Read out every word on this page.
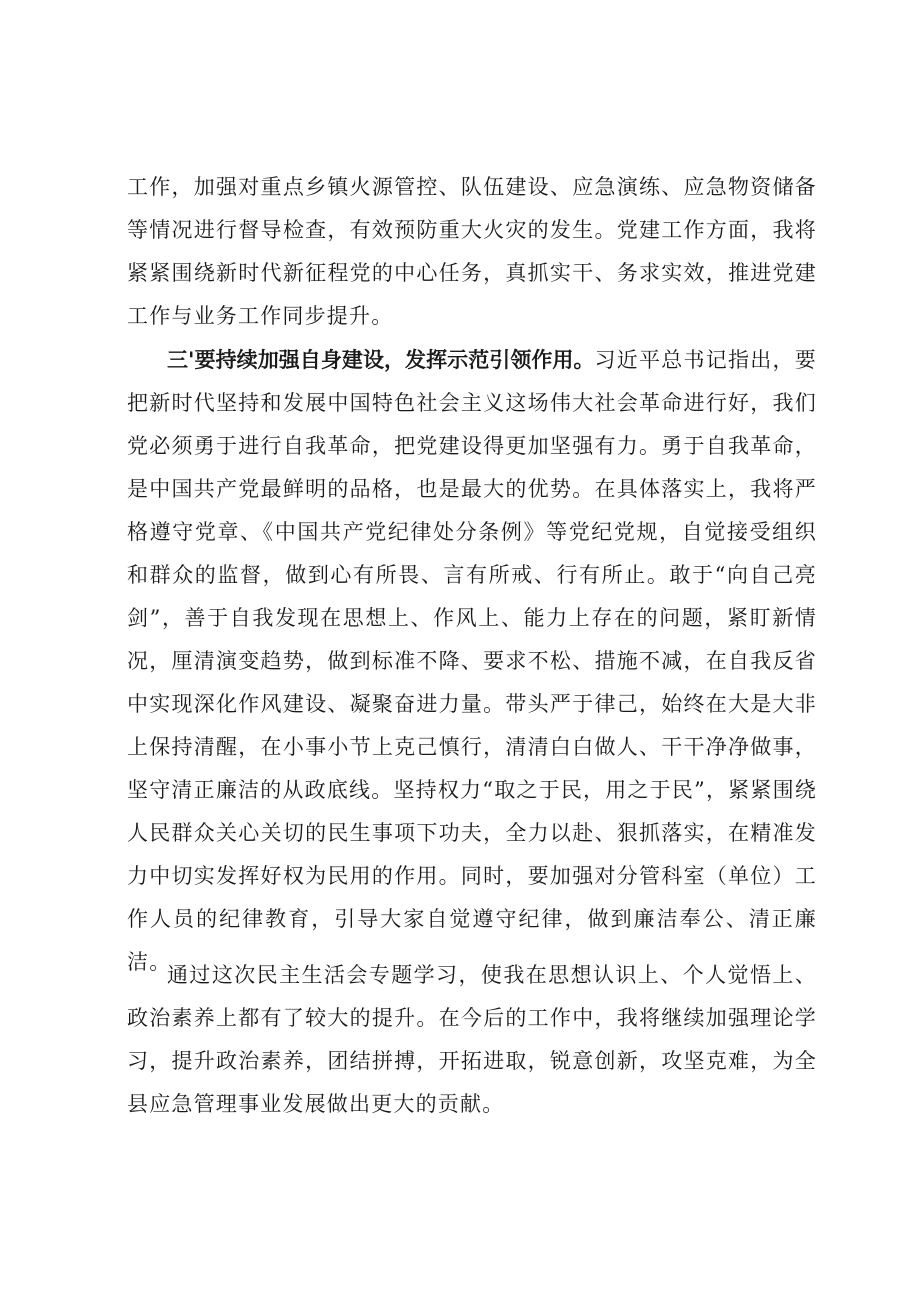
工作，加强对重点乡镇火源管控、队伍建设、应急演练、应急物资储备等情况进行督导检查，有效预防重大火灾的发生。党建工作方面，我将紧紧围绕新时代新征程党的中心任务，真抓实干、务求实效，推进党建工作与业务工作同步提升。

三'要持续加强自身建设，发挥示范引领作用。习近平总书记指出，要把新时代坚持和发展中国特色社会主义这场伟大社会革命进行好，我们党必须勇于进行自我革命，把党建设得更加坚强有力。勇于自我革命，是中国共产党最鲜明的品格，也是最大的优势。在具体落实上，我将严格遵守党章、《中国共产党纪律处分条例》等党纪党规，自觉接受组织和群众的监督，做到心有所畏、言有所戒、行有所止。敢于“向自己亮剑”，善于自我发现在思想上、作风上、能力上存在的问题，紧盯新情况，厘清演变趋势，做到标准不降、要求不松、措施不减，在自我反省中实现深化作风建设、凝聚奋进力量。带头严于律己，始终在大是大非上保持清醒，在小事小节上克己慎行，清清白白做人、干干净净做事，坚守清正廉洁的从政底线。坚持权力“取之于民，用之于民”，紧紧围绕人民群众关心关切的民生事项下功夫，全力以赴、狠抓落实，在精准发力中切实发挥好权为民用的作用。同时，要加强对分管科室（单位）工作人员的纪律教育，引导大家自觉遵守纪律，做到廉洁奉公、清正廉洁。

通过这次民主生活会专题学习，使我在思想认识上、个人觉悟上、政治素养上都有了较大的提升。在今后的工作中，我将继续加强理论学习，提升政治素养，团结拼搏，开拓进取，锐意创新，攻坚克难，为全县应急管理事业发展做出更大的贡献。
